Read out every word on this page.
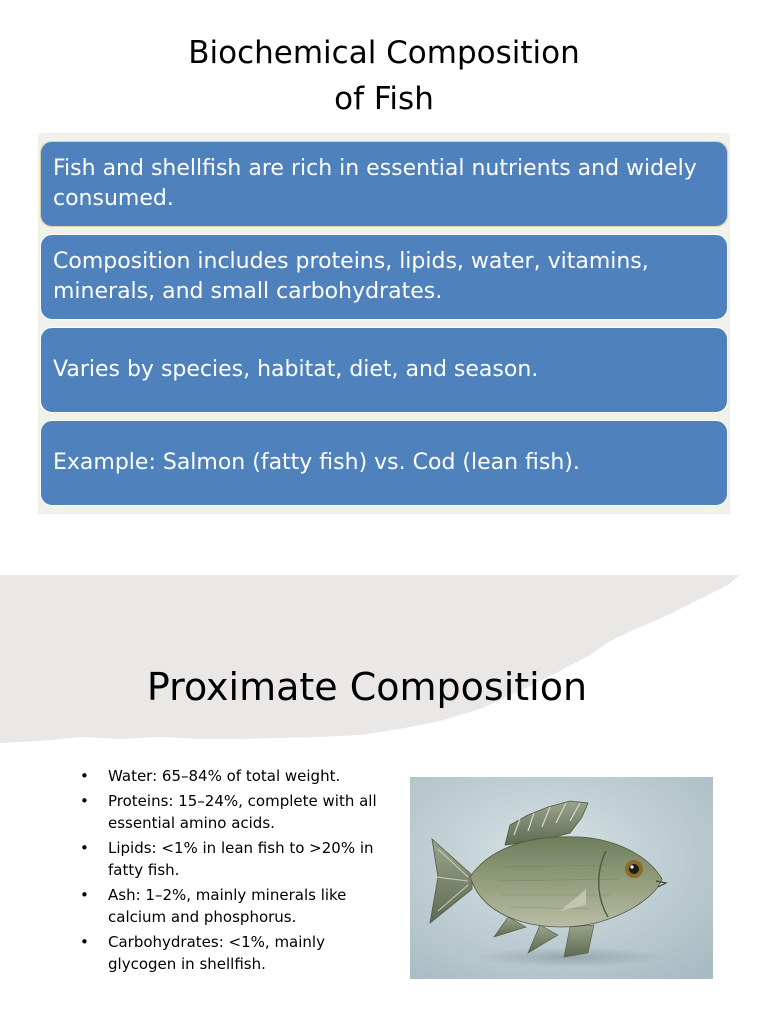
Biochemical Composition
of Fish
Fish and shellfish are rich in essential nutrients and widely
consumed.
Composition includes proteins, lipids, water, vitamins,
minerals, and small carbohydrates.
Varies by species, habitat, diet, and season.
Example: Salmon (fatty fish) vs. Cod (lean fish).
Proximate Composition
• Water: 65–84% of total weight.
• Proteins: 15–24%, complete with all
essential amino acids.
• Lipids: <1% in lean fish to >20% in
fatty fish.
• Ash: 1–2%, mainly minerals like
calcium and phosphorus.
• Carbohydrates: <1%, mainly
glycogen in shellfish.
